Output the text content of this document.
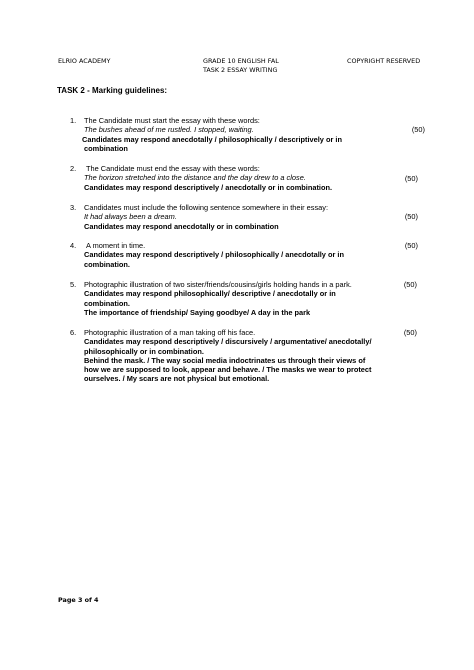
ELRIO ACADEMY	GRADE 10 ENGLISH FAL
TASK 2 ESSAY WRITING
COPYRIGHT RESERVED
TASK 2 - Marking guidelines:
1. The Candidate must start the essay with these words:
The bushes ahead of me rustled. I stopped, waiting.
Candidates may respond anecdotally / philosophically / descriptively or in
combination
(50)
2. The Candidate must end the essay with these words:
The horizon stretched into the distance and the day drew to a close.
Candidates may respond descriptively / anecdotally or in combination.
(50)
3. Candidates must include the following sentence somewhere in their essay:
It had always been a dream.
Candidates may respond anecdotally or in combination
(50)
4. A moment in time.
Candidates may respond descriptively / philosophically / anecdotally or in
combination.
(50)
5. Photographic illustration of two sister/friends/cousins/girls holding hands in a park.
Candidates may respond philosophically/ descriptive / anecdotally or in
combination.
The importance of friendship/ Saying goodbye/ A day in the park
(50)
6. Photographic illustration of a man taking off his face.
Candidates may respond descriptively / discursively / argumentative/ anecdotally/
philosophically or in combination.
Behind the mask. / The way social media indoctrinates us through their views of
how we are supposed to look, appear and behave. / The masks we wear to protect
ourselves. / My scars are not physical but emotional.
(50)
Page 3 of 4
